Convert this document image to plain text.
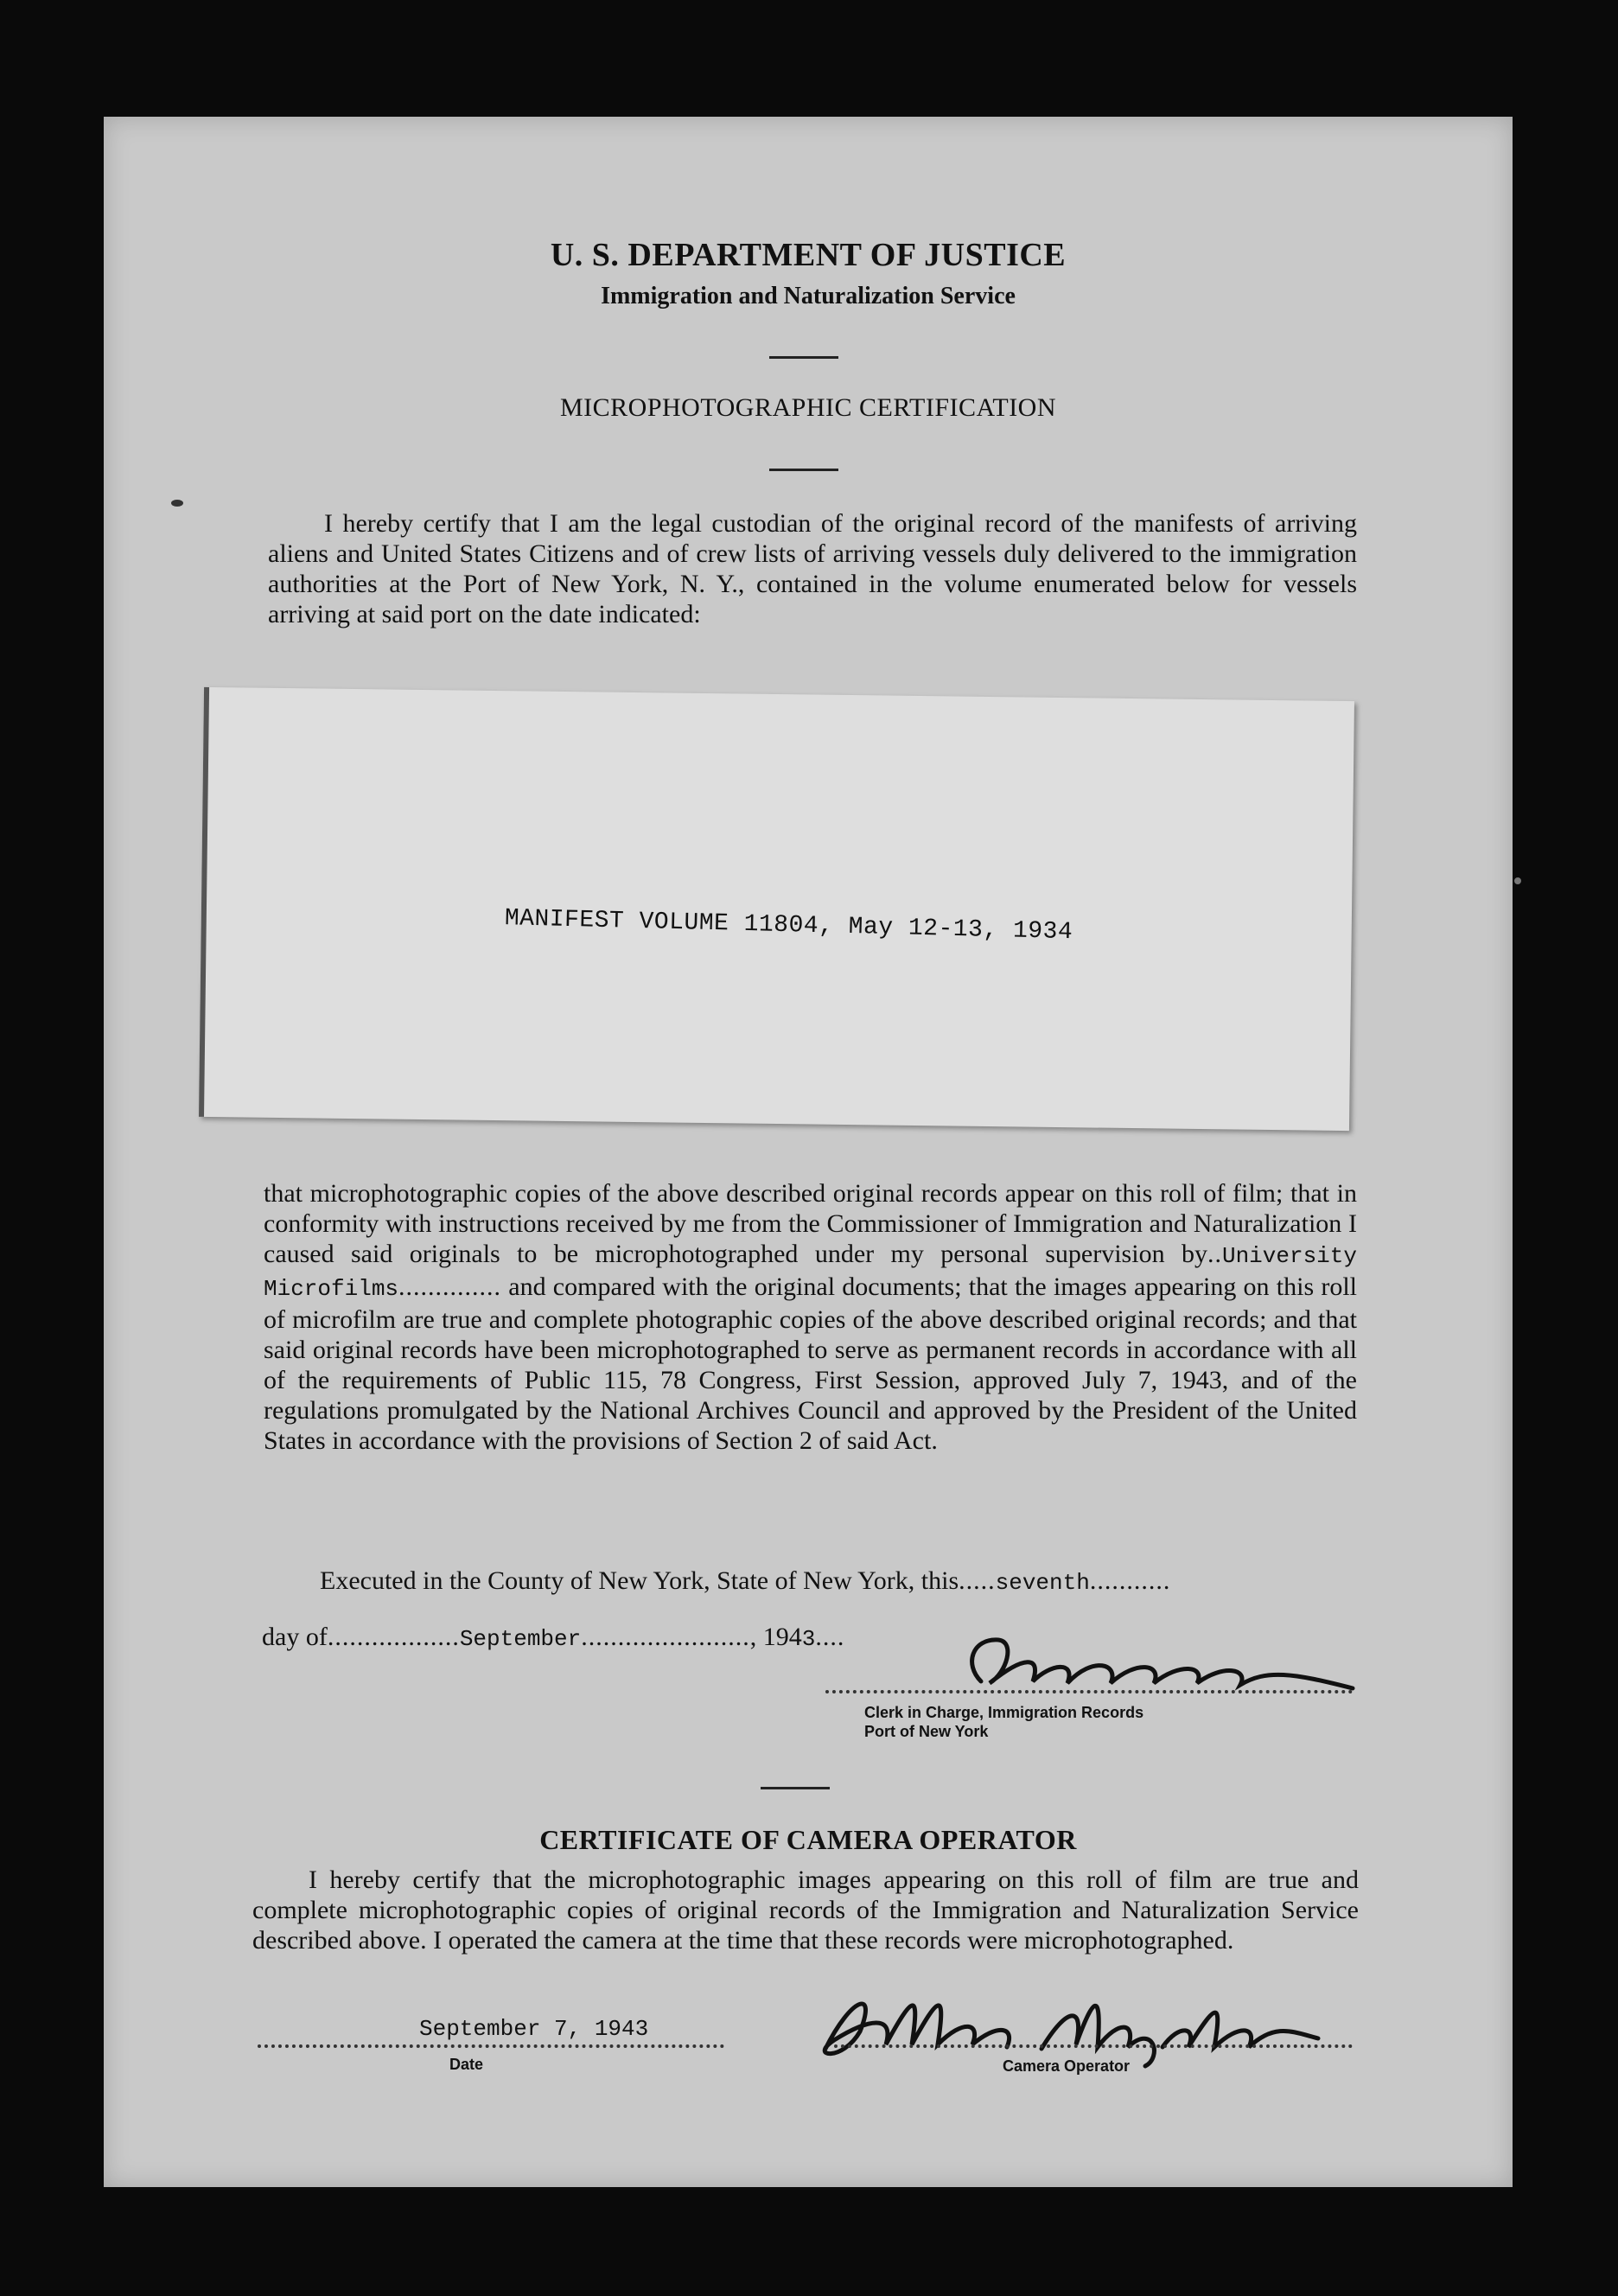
U. S. DEPARTMENT OF JUSTICE
Immigration and Naturalization Service
MICROPHOTOGRAPHIC CERTIFICATION
I hereby certify that I am the legal custodian of the original record of the manifests of arriving aliens and United States Citizens and of crew lists of arriving vessels duly delivered to the immigration authorities at the Port of New York, N. Y., contained in the volume enumerated below for vessels arriving at said port on the date indicated:
MANIFEST VOLUME 11804, May 12-13, 1934
that microphotographic copies of the above described original records appear on this roll of film; that in conformity with instructions received by me from the Commissioner of Immigration and Naturalization I caused said originals to be microphotographed under my personal supervision by..University Microfilms.............. and compared with the original documents; that the images appearing on this roll of microfilm are true and complete photographic copies of the above described original records; and that said original records have been microphotographed to serve as permanent records in accordance with all of the requirements of Public 115, 78 Congress, First Session, approved July 7, 1943, and of the regulations promulgated by the National Archives Council and approved by the President of the United States in accordance with the provisions of Section 2 of said Act.
Executed in the County of New York, State of New York, this.....seventh...........
day of..................September......................., 1943....
Clerk in Charge, Immigration Records
Port of New York
CERTIFICATE OF CAMERA OPERATOR
I hereby certify that the microphotographic images appearing on this roll of film are true and complete microphotographic copies of original records of the Immigration and Naturalization Service described above. I operated the camera at the time that these records were microphotographed.
September 7, 1943
Date	Camera Operator
